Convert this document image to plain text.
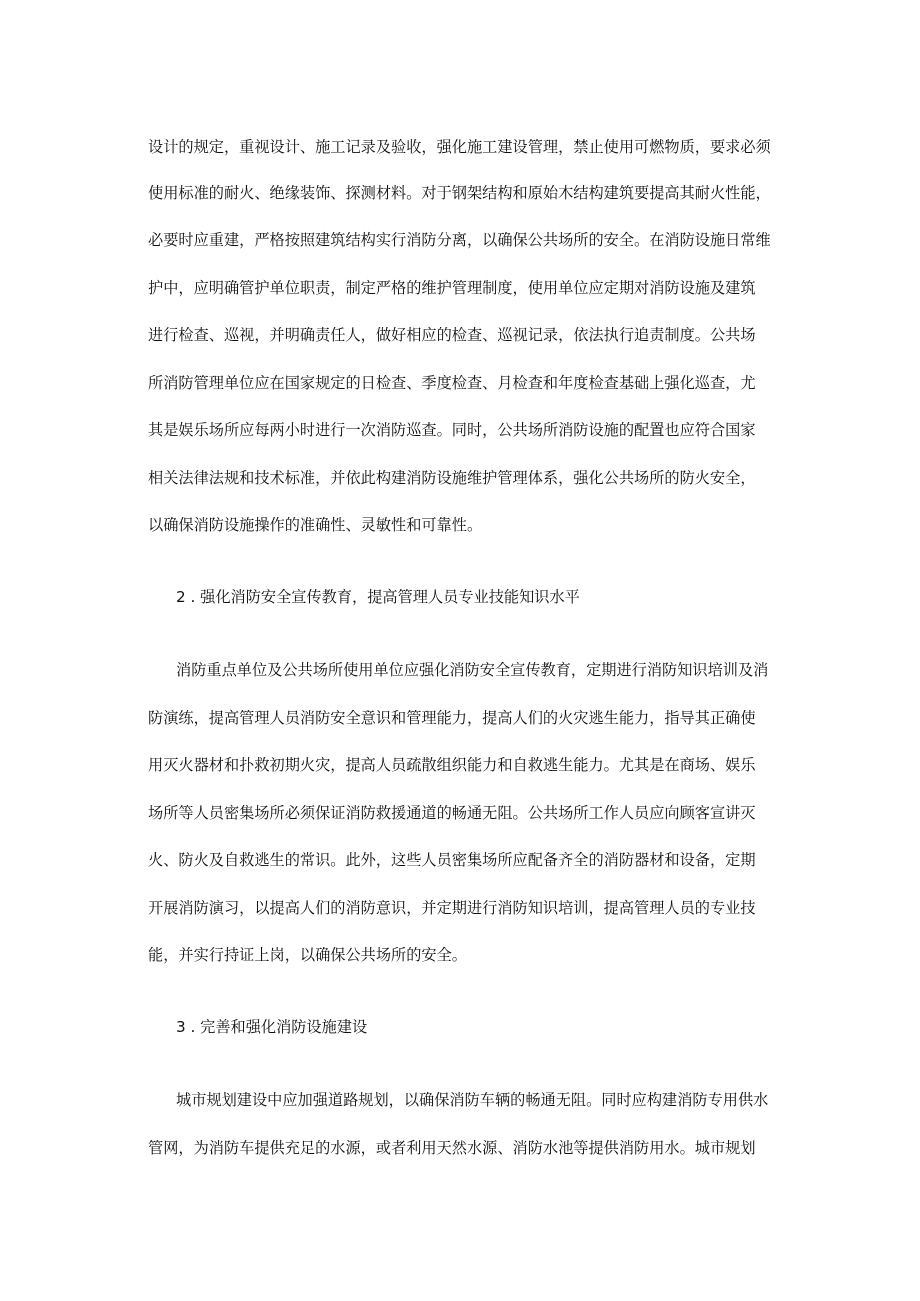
设计的规定，重视设计、施工记录及验收，强化施工建设管理，禁止使用可燃物质，要求必须
使用标准的耐火、绝缘装饰、探测材料。对于钢架结构和原始木结构建筑要提高其耐火性能，
必要时应重建，严格按照建筑结构实行消防分离，以确保公共场所的安全。在消防设施日常维
护中，应明确管护单位职责，制定严格的维护管理制度，使用单位应定期对消防设施及建筑
进行检查、巡视，并明确责任人，做好相应的检查、巡视记录，依法执行追责制度。公共场
所消防管理单位应在国家规定的日检查、季度检查、月检查和年度检查基础上强化巡查，尤
其是娱乐场所应每两小时进行一次消防巡查。同时，公共场所消防设施的配置也应符合国家
相关法律法规和技术标准，并依此构建消防设施维护管理体系，强化公共场所的防火安全，
以确保消防设施操作的准确性、灵敏性和可靠性。
2 . 强化消防安全宣传教育，提高管理人员专业技能知识水平
消防重点单位及公共场所使用单位应强化消防安全宣传教育，定期进行消防知识培训及消
防演练，提高管理人员消防安全意识和管理能力，提高人们的火灾逃生能力，指导其正确使
用灭火器材和扑救初期火灾，提高人员疏散组织能力和自救逃生能力。尤其是在商场、娱乐
场所等人员密集场所必须保证消防救援通道的畅通无阻。公共场所工作人员应向顾客宣讲灭
火、防火及自救逃生的常识。此外，这些人员密集场所应配备齐全的消防器材和设备，定期
开展消防演习，以提高人们的消防意识，并定期进行消防知识培训，提高管理人员的专业技
能，并实行持证上岗，以确保公共场所的安全。
3 . 完善和强化消防设施建设
城市规划建设中应加强道路规划，以确保消防车辆的畅通无阻。同时应构建消防专用供水
管网，为消防车提供充足的水源，或者利用天然水源、消防水池等提供消防用水。城市规划
